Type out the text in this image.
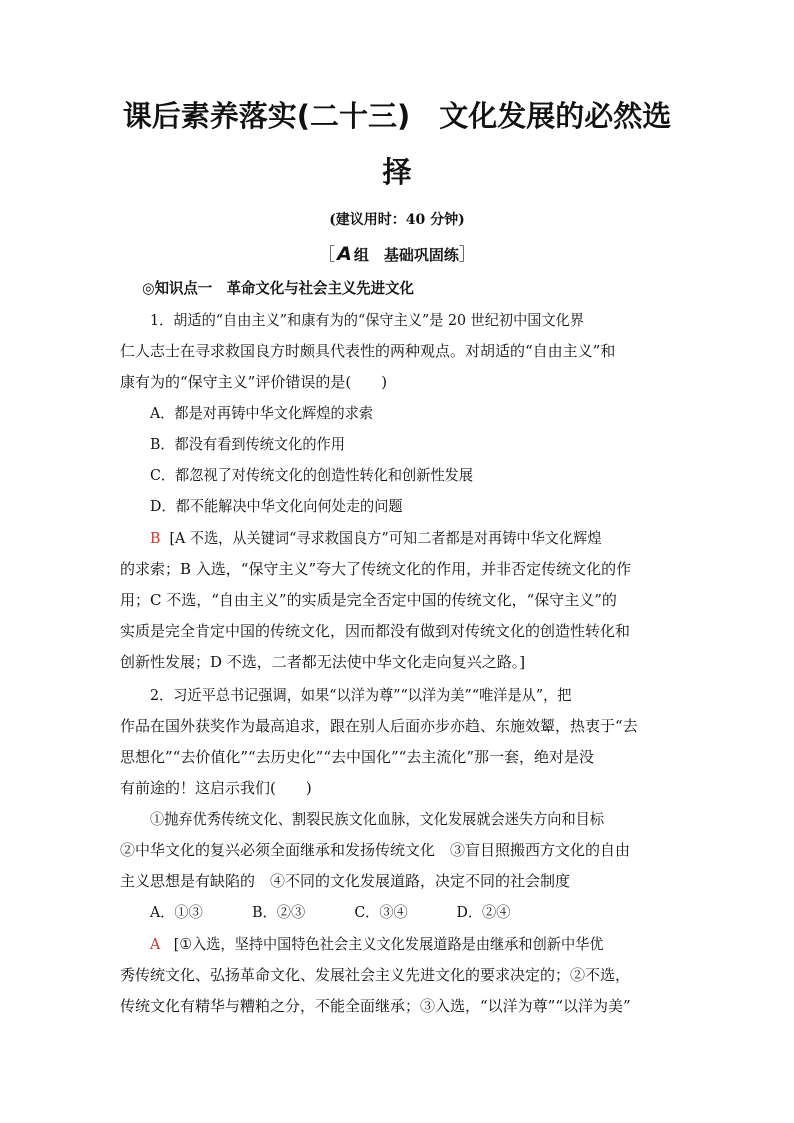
课后素养落实(二十三)　文化发展的必然选
择
(建议用时：40 分钟)
［ A 组　基础巩固练］
◎知识点一　革命文化与社会主义先进文化
1．胡适的“自由主义”和康有为的“保守主义”是 20 世纪初中国文化界
仁人志士在寻求救国良方时颇具代表性的两种观点。对胡适的“自由主义”和
康有为的“保守主义”评价错误的是(　　)
A．都是对再铸中华文化辉煌的求索
B．都没有看到传统文化的作用
C．都忽视了对传统文化的创造性转化和创新性发展
D．都不能解决中华文化向何处走的问题
B [A 不选，从关键词“寻求救国良方”可知二者都是对再铸中华文化辉煌
的求索；B 入选，“保守主义”夸大了传统文化的作用，并非否定传统文化的作
用；C 不选，“自由主义”的实质是完全否定中国的传统文化，“保守主义”的
实质是完全肯定中国的传统文化，因而都没有做到对传统文化的创造性转化和
创新性发展；D 不选，二者都无法使中华文化走向复兴之路。]
2．习近平总书记强调，如果“以洋为尊”“以洋为美”“唯洋是从”，把
作品在国外获奖作为最高追求，跟在别人后面亦步亦趋、东施效颦，热衷于“去
思想化”“去价值化”“去历史化”“去中国化”“去主流化”那一套，绝对是没
有前途的！这启示我们(　　)
①抛弃优秀传统文化、割裂民族文化血脉，文化发展就会迷失方向和目标
②中华文化的复兴必须全面继承和发扬传统文化　③盲目照搬西方文化的自由
主义思想是有缺陷的　④不同的文化发展道路，决定不同的社会制度
A．①③	B．②③	C．③④	D．②④
A [①入选，坚持中国特色社会主义文化发展道路是由继承和创新中华优
秀传统文化、弘扬革命文化、发展社会主义先进文化的要求决定的；②不选，
传统文化有精华与糟粕之分，不能全面继承；③入选，“以洋为尊”“以洋为美”
